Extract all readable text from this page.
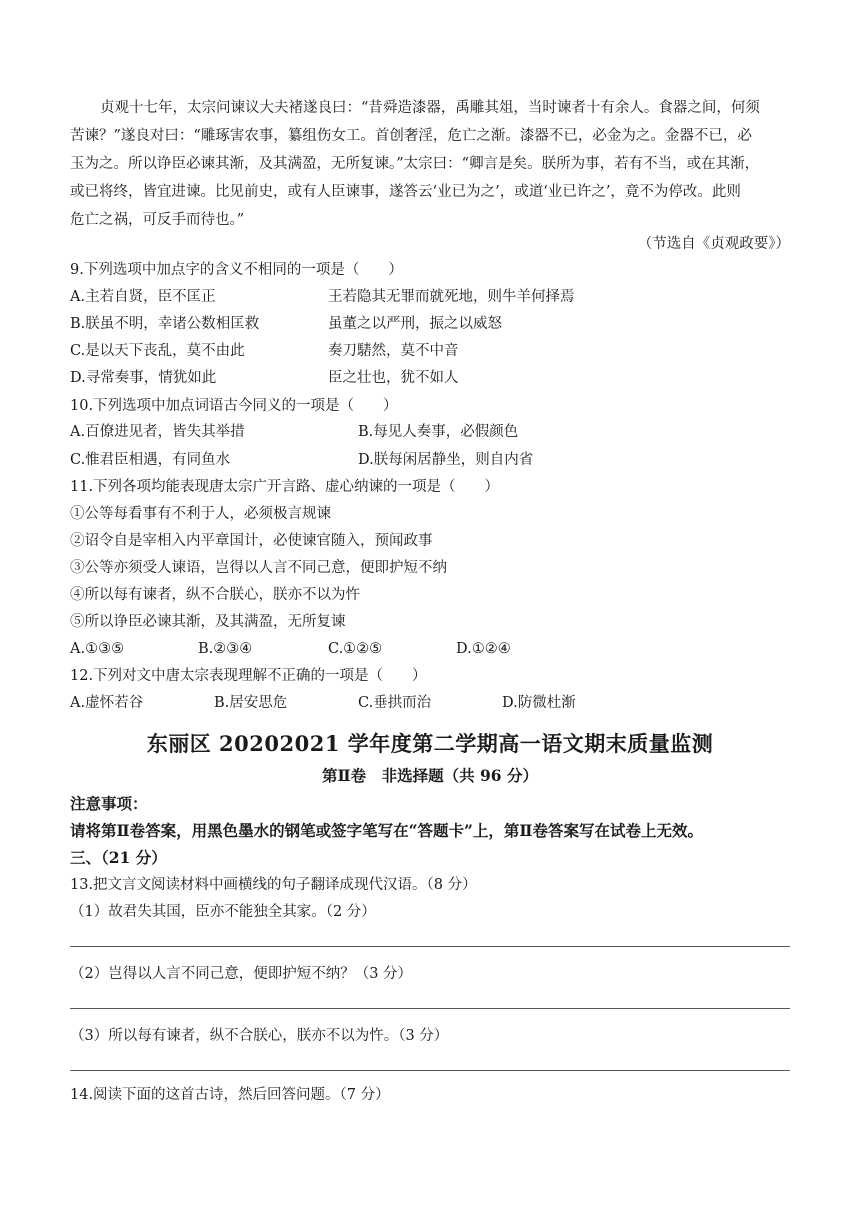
贞观十七年，太宗问谏议大夫褚遂良曰：“昔舜造漆器，禹雕其俎，当时谏者十有余人。食器之间，何须
苦谏？”遂良对曰：“雕琢害农事，纂组伤女工。首创奢淫，危亡之渐。漆器不已，必金为之。金器不已，必
玉为之。所以诤臣必谏其渐，及其满盈，无所复谏。”太宗曰：“卿言是矣。朕所为事，若有不当，或在其渐，
或已将终，皆宜进谏。比见前史，或有人臣谏事，遂答云‘业已为之’，或道‘业已许之’，竟不为停改。此则
危亡之祸，可反手而待也。”
（节选自《贞观政要》）
9.下列选项中加点字的含义不相同的一项是（　　）
A.主若自贤，臣不匡正	王若隐其无罪而就死地，则牛羊何择焉
B.朕虽不明，幸诸公数相匡救	虽董之以严刑，振之以威怒
C.是以天下丧乱，莫不由此	奏刀騞然，莫不中音
D.寻常奏事，情犹如此	臣之壮也，犹不如人
10.下列选项中加点词语古今同义的一项是（　　）
A.百僚进见者，皆失其举措	B.每见人奏事，必假颜色
C.惟君臣相遇，有同鱼水	D.朕每闲居静坐，则自内省
11.下列各项均能表现唐太宗广开言路、虚心纳谏的一项是（　　）
①公等每看事有不利于人，必须极言规谏
②诏令自是宰相入内平章国计，必使谏官随入，预闻政事
③公等亦须受人谏语，岂得以人言不同己意，便即护短不纳
④所以每有谏者，纵不合朕心，朕亦不以为忤
⑤所以诤臣必谏其渐，及其满盈，无所复谏
A.①③⑤	B.②③④	C.①②⑤	D.①②④
12.下列对文中唐太宗表现理解不正确的一项是（　　）
A.虚怀若谷	B.居安思危	C.垂拱而治	D.防微杜渐
东丽区 20202021 学年度第二学期高一语文期末质量监测
第Ⅱ卷　非选择题（共 96 分）
注意事项：
请将第Ⅱ卷答案，用黑色墨水的钢笔或签字笔写在“答题卡”上，第Ⅱ卷答案写在试卷上无效。
三、（21 分）
13.把文言文阅读材料中画横线的句子翻译成现代汉语。（8 分）
（1）故君失其国，臣亦不能独全其家。（2 分）
（2）岂得以人言不同己意，便即护短不纳？（3 分）
（3）所以每有谏者，纵不合朕心，朕亦不以为忤。（3 分）
14.阅读下面的这首古诗，然后回答问题。（7 分）
